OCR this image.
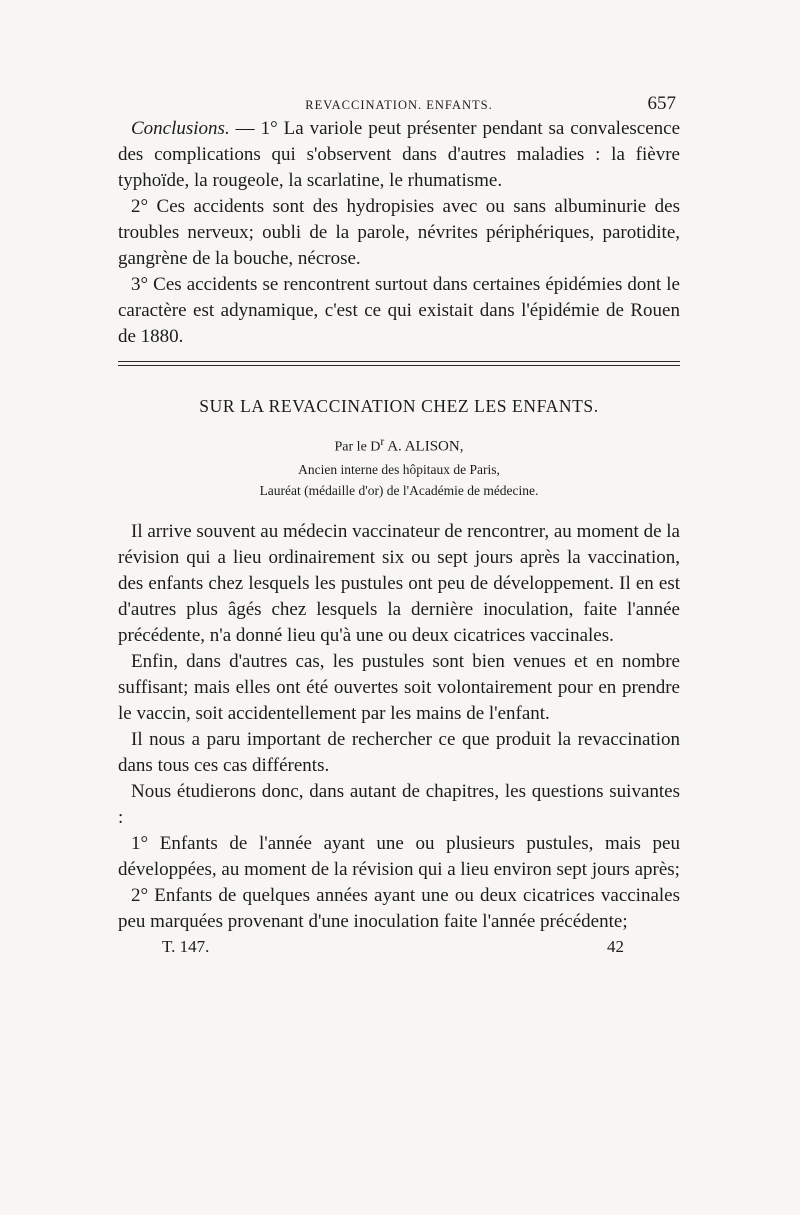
REVACCINATION. ENFANTS.	657

Conclusions. — 1° La variole peut présenter pendant sa convalescence des complications qui s'observent dans d'autres maladies : la fièvre typhoïde, la rougeole, la scarlatine, le rhumatisme.

2° Ces accidents sont des hydropisies avec ou sans albuminurie des troubles nerveux; oubli de la parole, névrites périphériques, parotidite, gangrène de la bouche, nécrose.

3° Ces accidents se rencontrent surtout dans certaines épidémies dont le caractère est adynamique, c'est ce qui existait dans l'épidémie de Rouen de 1880.

SUR LA REVACCINATION CHEZ LES ENFANTS.
Par le $D^r$ A. ALISON,
Ancien interne des hôpitaux de Paris,
Lauréat (médaille d'or) de l'Académie de médecine.

Il arrive souvent au médecin vaccinateur de rencontrer, au moment de la révision qui a lieu ordinairement six ou sept jours après la vaccination, des enfants chez lesquels les pustules ont peu de développement. Il en est d'autres plus âgés chez lesquels la dernière inoculation, faite l'année précédente, n'a donné lieu qu'à une ou deux cicatrices vaccinales.

Enfin, dans d'autres cas, les pustules sont bien venues et en nombre suffisant; mais elles ont été ouvertes soit volontairement pour en prendre le vaccin, soit accidentellement par les mains de l'enfant.

Il nous a paru important de rechercher ce que produit la revaccination dans tous ces cas différents.

Nous étudierons donc, dans autant de chapitres, les questions suivantes :

1° Enfants de l'année ayant une ou plusieurs pustules, mais peu développées, au moment de la révision qui a lieu environ sept jours après;

2° Enfants de quelques années ayant une ou deux cicatrices vaccinales peu marquées provenant d'une inoculation faite l'année précédente;

T. 147.	42
